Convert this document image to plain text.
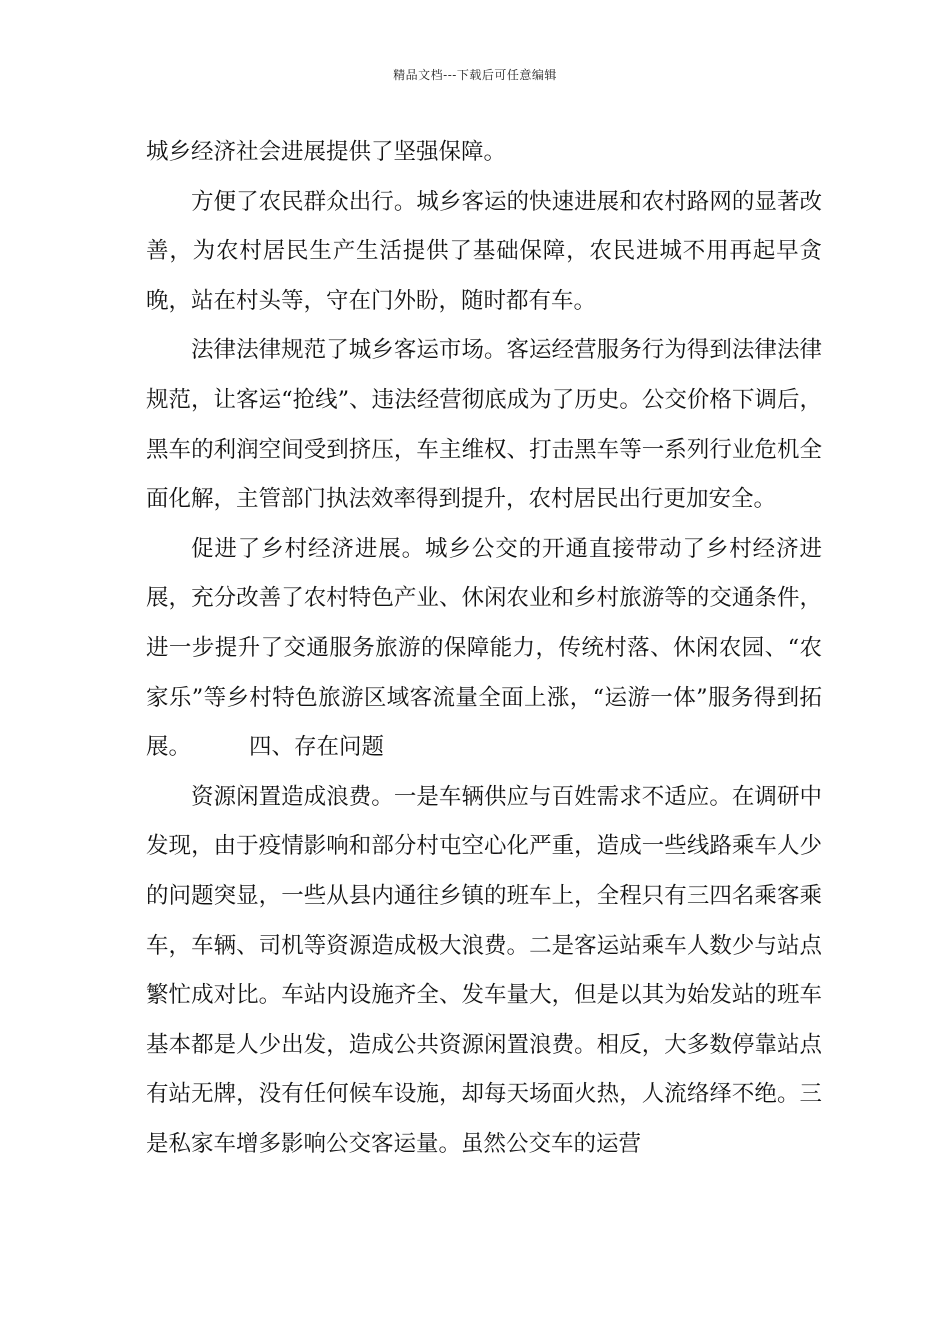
精品文档---下载后可任意编辑

城乡经济社会进展提供了坚强保障。

方便了农民群众出行。城乡客运的快速进展和农村路网的显著改善，为农村居民生产生活提供了基础保障，农民进城不用再起早贪晚，站在村头等，守在门外盼，随时都有车。

法律法律规范了城乡客运市场。客运经营服务行为得到法律法律规范，让客运“抢线”、违法经营彻底成为了历史。公交价格下调后，黑车的利润空间受到挤压，车主维权、打击黑车等一系列行业危机全面化解，主管部门执法效率得到提升，农村居民出行更加安全。

促进了乡村经济进展。城乡公交的开通直接带动了乡村经济进展，充分改善了农村特色产业、休闲农业和乡村旅游等的交通条件，进一步提升了交通服务旅游的保障能力，传统村落、休闲农园、“农家乐”等乡村特色旅游区域客流量全面上涨，“运游一体”服务得到拓展。	四、存在问题

资源闲置造成浪费。一是车辆供应与百姓需求不适应。在调研中发现，由于疫情影响和部分村屯空心化严重，造成一些线路乘车人少的问题突显，一些从县内通往乡镇的班车上，全程只有三四名乘客乘车，车辆、司机等资源造成极大浪费。二是客运站乘车人数少与站点繁忙成对比。车站内设施齐全、发车量大，但是以其为始发站的班车基本都是人少出发，造成公共资源闲置浪费。相反，大多数停靠站点有站无牌，没有任何候车设施，却每天场面火热，人流络绎不绝。三是私家车增多影响公交客运量。虽然公交车的运营
